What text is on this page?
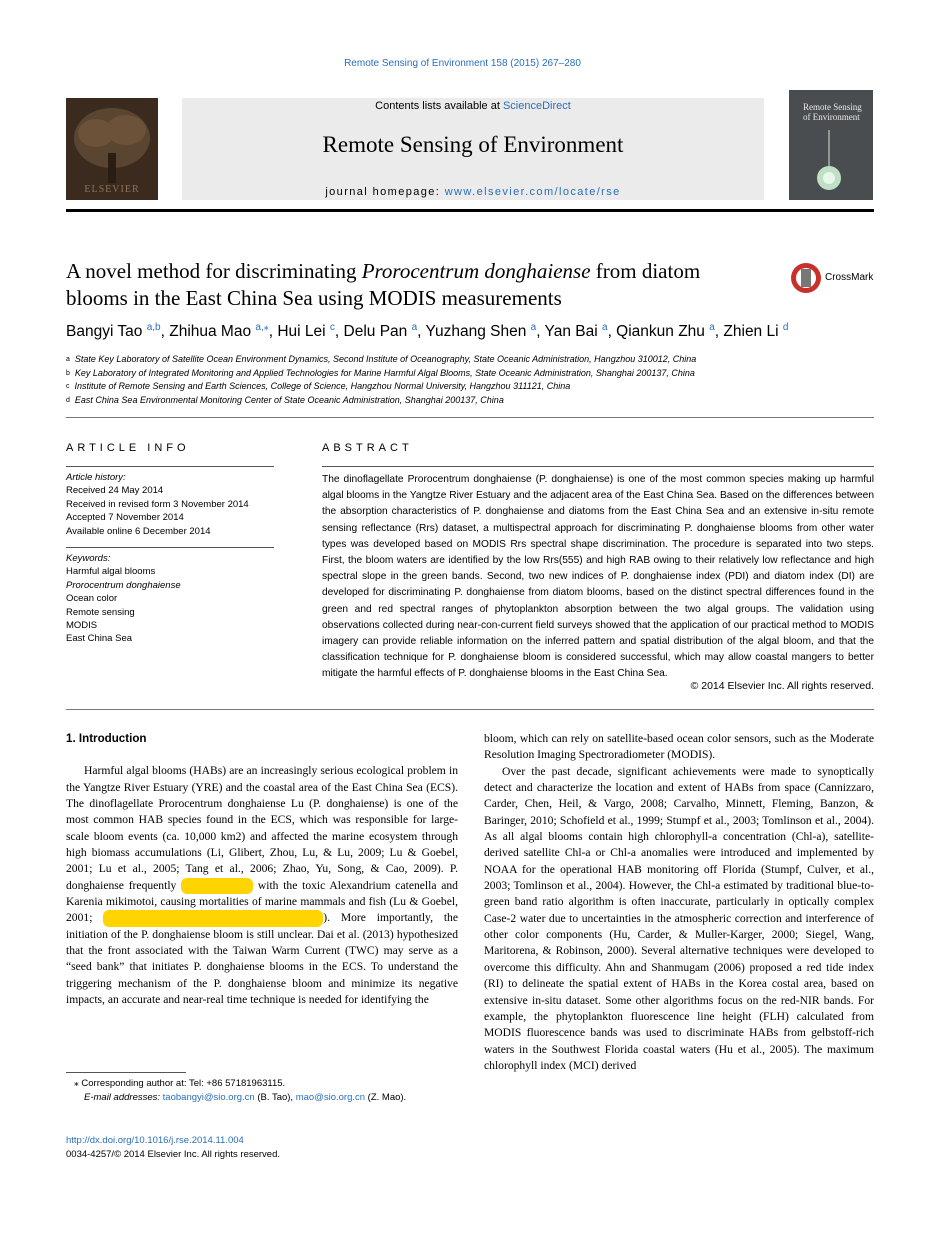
Remote Sensing of Environment 158 (2015) 267–280
ELSEVIER
Contents lists available at ScienceDirect
Remote Sensing of Environment
journal homepage: www.elsevier.com/locate/rse
Remote Sensing of Environment
A novel method for discriminating Prorocentrum donghaiense from diatom blooms in the East China Sea using MODIS measurements
CrossMark
Bangyi Tao $^{a,b}$, Zhihua Mao $^{a,⁎}$, Hui Lei $^c$, Delu Pan $^a$, Yuzhang Shen $^a$, Yan Bai $^a$, Qiankun Zhu $^a$, Zhien Li $^d$
$^a$ State Key Laboratory of Satellite Ocean Environment Dynamics, Second Institute of Oceanography, State Oceanic Administration, Hangzhou 310012, China
$^b$ Key Laboratory of Integrated Monitoring and Applied Technologies for Marine Harmful Algal Blooms, State Oceanic Administration, Shanghai 200137, China
$^c$ Institute of Remote Sensing and Earth Sciences, College of Science, Hangzhou Normal University, Hangzhou 311121, China
$^d$ East China Sea Environmental Monitoring Center of State Oceanic Administration, Shanghai 200137, China
ARTICLE INFO
Article history:
Received 24 May 2014
Received in revised form 3 November 2014
Accepted 7 November 2014
Available online 6 December 2014
Keywords:
Harmful algal blooms
Prorocentrum donghaiense
Ocean color
Remote sensing
MODIS
East China Sea
ABSTRACT
The dinoflagellate Prorocentrum donghaiense (P. donghaiense) is one of the most common species making up harmful algal blooms in the Yangtze River Estuary and the adjacent area of the East China Sea. Based on the differences between the absorption characteristics of P. donghaiense and diatoms from the East China Sea and an extensive in-situ remote sensing reflectance (Rrs) dataset, a multispectral approach for discriminating P. donghaiense blooms from other water types was developed based on MODIS Rrs spectral shape discrimination. The procedure is separated into two steps. First, the bloom waters are identified by the low Rrs(555) and high RAB owing to their relatively low reflectance and high spectral slope in the green bands. Second, two new indices of P. donghaiense index (PDI) and diatom index (DI) are developed for discriminating P. donghaiense from diatom blooms, based on the distinct spectral differences found in the green and red spectral ranges of phytoplankton absorption between the two algal groups. The validation using observations collected during near-con-current field surveys showed that the application of our practical method to MODIS imagery can provide reliable information on the inferred pattern and spatial distribution of the algal bloom, and that the classification technique for P. donghaiense bloom is considered successful, which may allow coastal mangers to better mitigate the harmful effects of P. donghaiense blooms in the East China Sea.
© 2014 Elsevier Inc. All rights reserved.

1. Introduction

Harmful algal blooms (HABs) are an increasingly serious ecological problem in the Yangtze River Estuary (YRE) and the coastal area of the East China Sea (ECS). The dinoflagellate Prorocentrum donghaiense Lu (P. donghaiense) is one of the most common HAB species found in the ECS, which was responsible for large-scale bloom events (ca. 10,000 km2) and affected the marine ecosystem through high biomass accumulations (Li, Glibert, Zhou, Lu, & Lu, 2009; Lu & Goebel, 2001; Lu et al., 2005; Tang et al., 2006; Zhao, Yu, Song, & Cao, 2009). P. donghaiense frequently	with the toxic Alexandrium catenella and Karenia mikimotoi, causing mortalities of marine mammals and fish (Lu & Goebel, 2001;	). More importantly, the initiation of the P. donghaiense bloom is still unclear. Dai et al. (2013) hypothesized that the front associated with the Taiwan Warm Current (TWC) may serve as a “seed bank” that initiates P. donghaiense blooms in the ECS. To understand the triggering mechanism of the P. donghaiense bloom and minimize its negative impacts, an accurate and near-real time technique is needed for identifying the

bloom, which can rely on satellite-based ocean color sensors, such as the Moderate Resolution Imaging Spectroradiometer (MODIS).

Over the past decade, significant achievements were made to synoptically detect and characterize the location and extent of HABs from space (Cannizzaro, Carder, Chen, Heil, & Vargo, 2008; Carvalho, Minnett, Fleming, Banzon, & Baringer, 2010; Schofield et al., 1999; Stumpf et al., 2003; Tomlinson et al., 2004). As all algal blooms contain high chlorophyll-a concentration (Chl-a), satellite-derived satellite Chl-a or Chl-a anomalies were introduced and implemented by NOAA for the operational HAB monitoring off Florida (Stumpf, Culver, et al., 2003; Tomlinson et al., 2004). However, the Chl-a estimated by traditional blue-to-green band ratio algorithm is often inaccurate, particularly in optically complex Case-2 water due to uncertainties in the atmospheric correction and interference of other color components (Hu, Carder, & Muller-Karger, 2000; Siegel, Wang, Maritorena, & Robinson, 2000). Several alternative techniques were developed to overcome this difficulty. Ahn and Shanmugam (2006) proposed a red tide index (RI) to delineate the spatial extent of HABs in the Korea costal area, based on extensive in-situ dataset. Some other algorithms focus on the red-NIR bands. For example, the phytoplankton fluorescence line height (FLH) calculated from MODIS fluorescence bands was used to discriminate HABs from gelbstoff-rich waters in the Southwest Florida coastal waters (Hu et al., 2005). The maximum chlorophyll index (MCI) derived

⁎ Corresponding author at: Tel: +86 57181963115.
E-mail addresses: taobangyi@sio.org.cn (B. Tao), mao@sio.org.cn (Z. Mao).
http://dx.doi.org/10.1016/j.rse.2014.11.004
0034-4257/© 2014 Elsevier Inc. All rights reserved.
